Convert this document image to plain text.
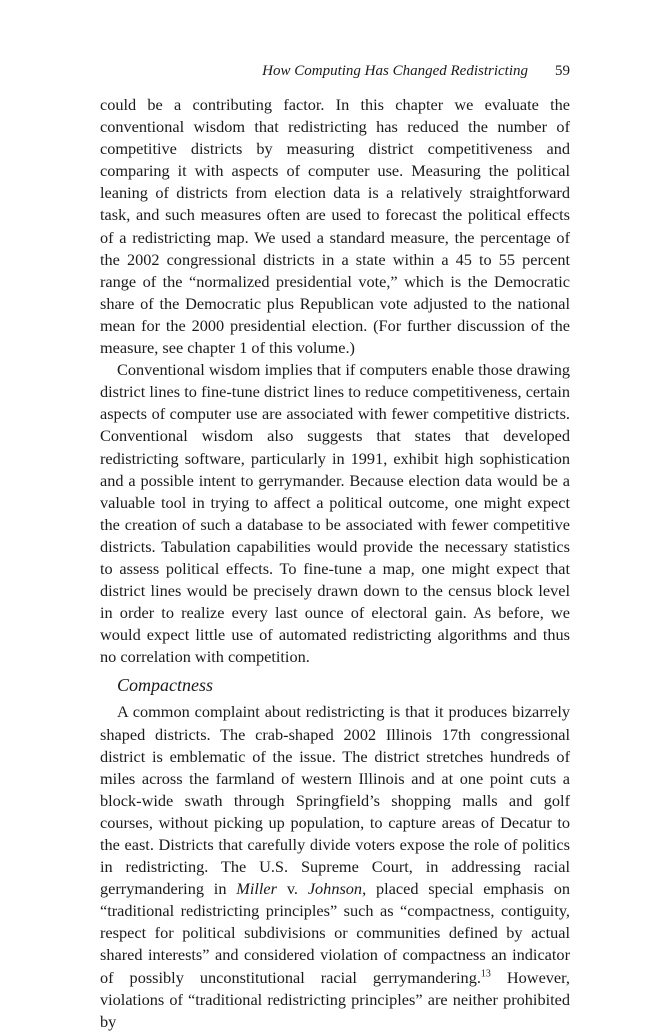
How Computing Has Changed Redistricting 59

could be a contributing factor. In this chapter we evaluate the conventional wisdom that redistricting has reduced the number of competitive districts by measuring district competitiveness and comparing it with aspects of computer use. Measuring the political leaning of districts from election data is a relatively straightforward task, and such measures often are used to forecast the political effects of a redistricting map. We used a standard measure, the percentage of the 2002 congressional districts in a state within a 45 to 55 percent range of the “normalized presidential vote,” which is the Democratic share of the Democratic plus Republican vote adjusted to the national mean for the 2000 presidential election. (For further discussion of the measure, see chapter 1 of this volume.)

Conventional wisdom implies that if computers enable those drawing district lines to fine-tune district lines to reduce competitiveness, certain aspects of computer use are associated with fewer competitive districts. Conventional wisdom also suggests that states that developed redistricting software, particularly in 1991, exhibit high sophistication and a possible intent to gerrymander. Because election data would be a valuable tool in trying to affect a political outcome, one might expect the creation of such a database to be associated with fewer competitive districts. Tabulation capabilities would provide the necessary statistics to assess political effects. To fine-tune a map, one might expect that district lines would be precisely drawn down to the census block level in order to realize every last ounce of electoral gain. As before, we would expect little use of automated redistricting algorithms and thus no correlation with competition.

Compactness

A common complaint about redistricting is that it produces bizarrely shaped districts. The crab-shaped 2002 Illinois 17th congressional district is emblematic of the issue. The district stretches hundreds of miles across the farmland of western Illinois and at one point cuts a block-wide swath through Springfield’s shopping malls and golf courses, without picking up population, to capture areas of Decatur to the east. Districts that carefully divide voters expose the role of politics in redistricting. The U.S. Supreme Court, in addressing racial gerrymandering in Miller v. Johnson, placed special emphasis on “traditional redistricting principles” such as “compactness, contiguity, respect for political subdivisions or communities defined by actual shared interests” and considered violation of compactness an indicator of possibly unconstitutional racial gerrymandering.$^{13}$ However, violations of “traditional redistricting principles” are neither prohibited by
